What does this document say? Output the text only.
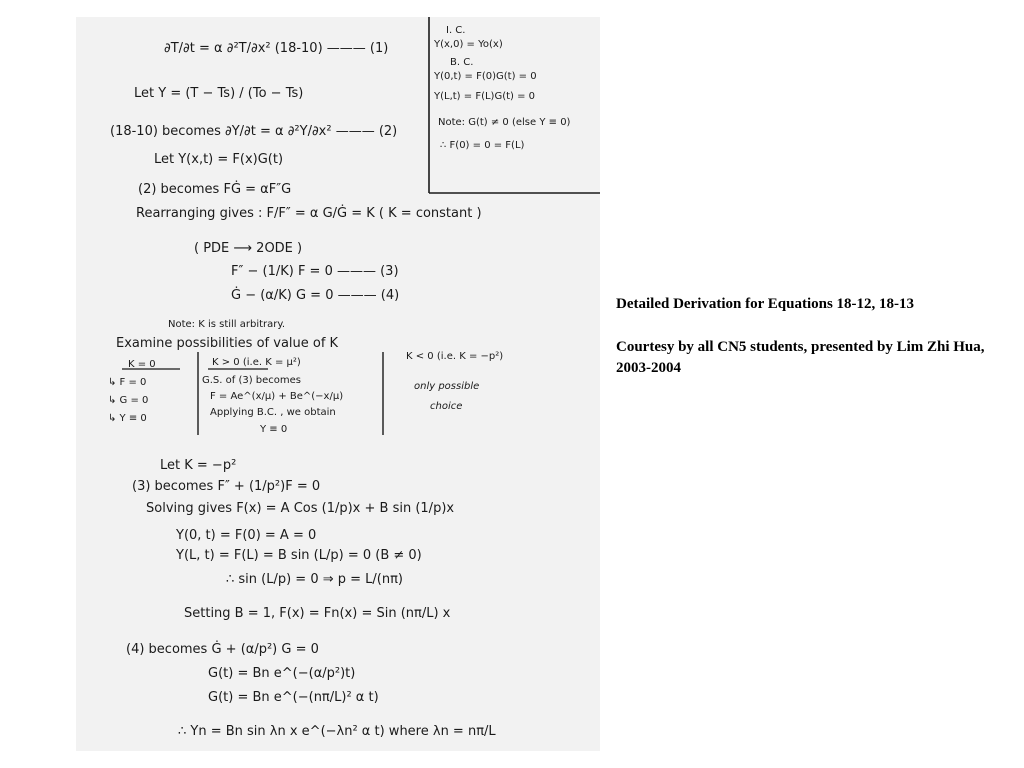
I. C.
Y(x,0) = Yo(x)
B. C.
Y(0,t) = F(0)G(t) = 0
Y(L,t) = F(L)G(t) = 0
Note: G(t) ≠ 0 (else Y ≡ 0)
∴ F(0) = 0 = F(L)
∂T/∂t = α ∂²T/∂x² (18-10) ——— (1)
Let Y = (T − Ts) / (To − Ts)
(18-10) becomes ∂Y/∂t = α ∂²Y/∂x² ——— (2)
Let Y(x,t) = F(x)G(t)
(2) becomes FĠ = αF″G
Rearranging gives : F/F″ = α G/Ġ = K ( K = constant )
( PDE ⟶ 2ODE )
F″ − (1/K) F = 0 ——— (3)
Ġ − (α/K) G = 0 ——— (4)
Note: K is still arbitrary.
Examine possibilities of value of K
K = 0
↳ F = 0
↳ G = 0
↳ Y ≡ 0
K > 0 (i.e. K = μ²)
G.S. of (3) becomes
F = Ae^(x/μ) + Be^(−x/μ)
Applying B.C. , we obtain
Y ≡ 0
K < 0 (i.e. K = −p²)
only possible
choice
Let K = −p²
(3) becomes F″ + (1/p²)F = 0
Solving gives F(x) = A Cos (1/p)x + B sin (1/p)x
Y(0, t) = F(0) = A = 0
Y(L, t) = F(L) = B sin (L/p) = 0 (B ≠ 0)
∴ sin (L/p) = 0 ⇒ p = L/(nπ)
Setting B = 1, F(x) = Fn(x) = Sin (nπ/L) x
(4) becomes Ġ + (α/p²) G = 0
G(t) = Bn e^(−(α/p²)t)
G(t) = Bn e^(−(nπ/L)² α t)
∴ Yn = Bn sin λn x e^(−λn² α t) where λn = nπ/L
Detailed Derivation for Equations 18-12, 18-13
Courtesy by all CN5 students, presented by Lim Zhi Hua, 2003-2004
